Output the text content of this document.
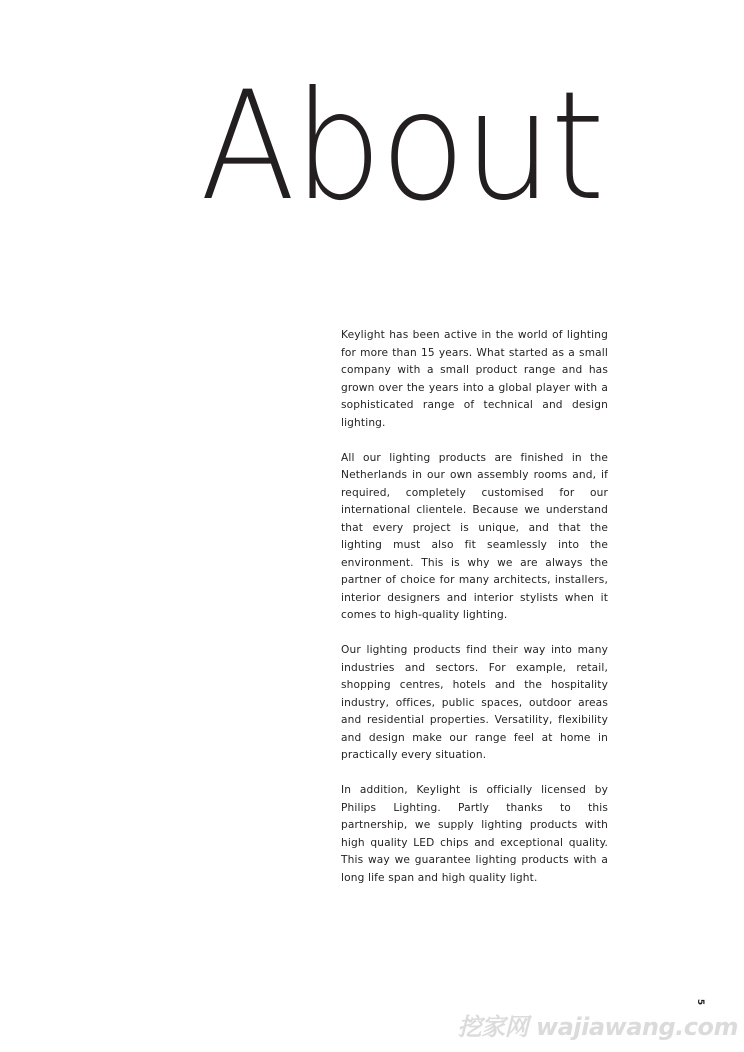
About

Keylight has been active in the world of lighting for more than 15 years. What started as a small company with a small product range and has grown over the years into a global player with a sophisticated range of technical and design lighting.

All our lighting products are finished in the Netherlands in our own assembly rooms and, if required, completely customised for our international clientele. Because we understand that every project is unique, and that the lighting must also fit seamlessly into the environment. This is why we are always the partner of choice for many architects, installers, interior designers and interior stylists when it comes to high-quality lighting.

Our lighting products find their way into many industries and sectors. For example, retail, shopping centres, hotels and the hospitality industry, offices, public spaces, outdoor areas and residential properties. Versatility, flexibility and design make our range feel at home in practically every situation.

In addition, Keylight is officially licensed by Philips Lighting. Partly thanks to this partnership, we supply lighting products with high quality LED chips and exceptional quality. This way we guarantee lighting products with a long life span and high quality light.

5
挖家网 wajiawang.com
